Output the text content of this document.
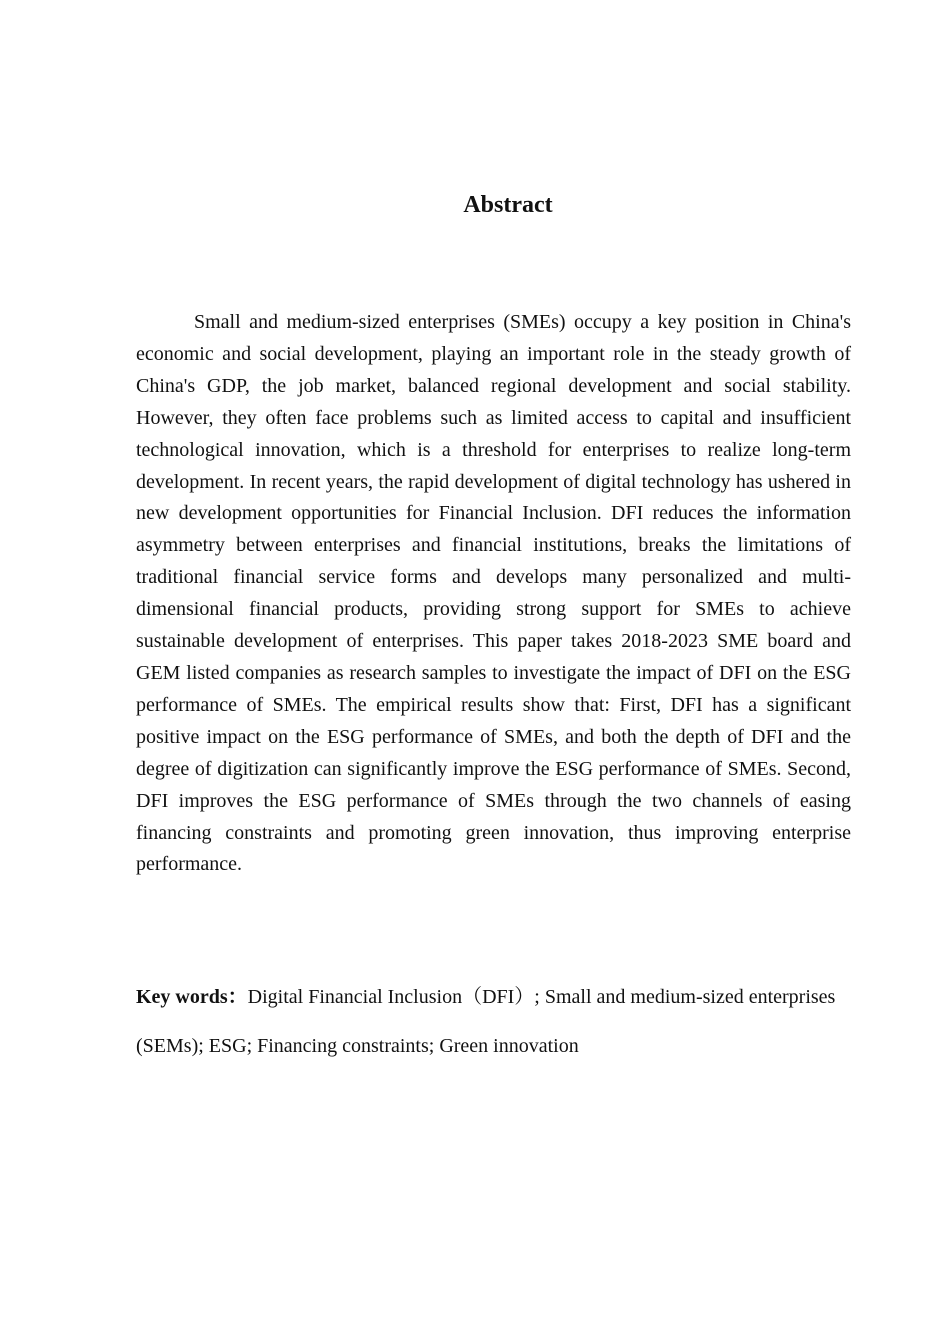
Abstract

Small and medium-sized enterprises (SMEs) occupy a key position in China's economic and social development, playing an important role in the steady growth of China's GDP, the job market, balanced regional development and social stability. However, they often face problems such as limited access to capital and insufficient technological innovation, which is a threshold for enterprises to realize long-term development. In recent years, the rapid development of digital technology has ushered in new development opportunities for Financial Inclusion. DFI reduces the information asymmetry between enterprises and financial institutions, breaks the limitations of traditional financial service forms and develops many personalized and multi-dimensional financial products, providing strong support for SMEs to achieve sustainable development of enterprises. This paper takes 2018-2023 SME board and GEM listed companies as research samples to investigate the impact of DFI on the ESG performance of SMEs. The empirical results show that: First, DFI has a significant positive impact on the ESG performance of SMEs, and both the depth of DFI and the degree of digitization can significantly improve the ESG performance of SMEs. Second, DFI improves the ESG performance of SMEs through the two channels of easing financing constraints and promoting green innovation, thus improving enterprise performance.

Key words：Digital Financial Inclusion（DFI）; Small and medium-sized enterprises (SEMs); ESG; Financing constraints; Green innovation
